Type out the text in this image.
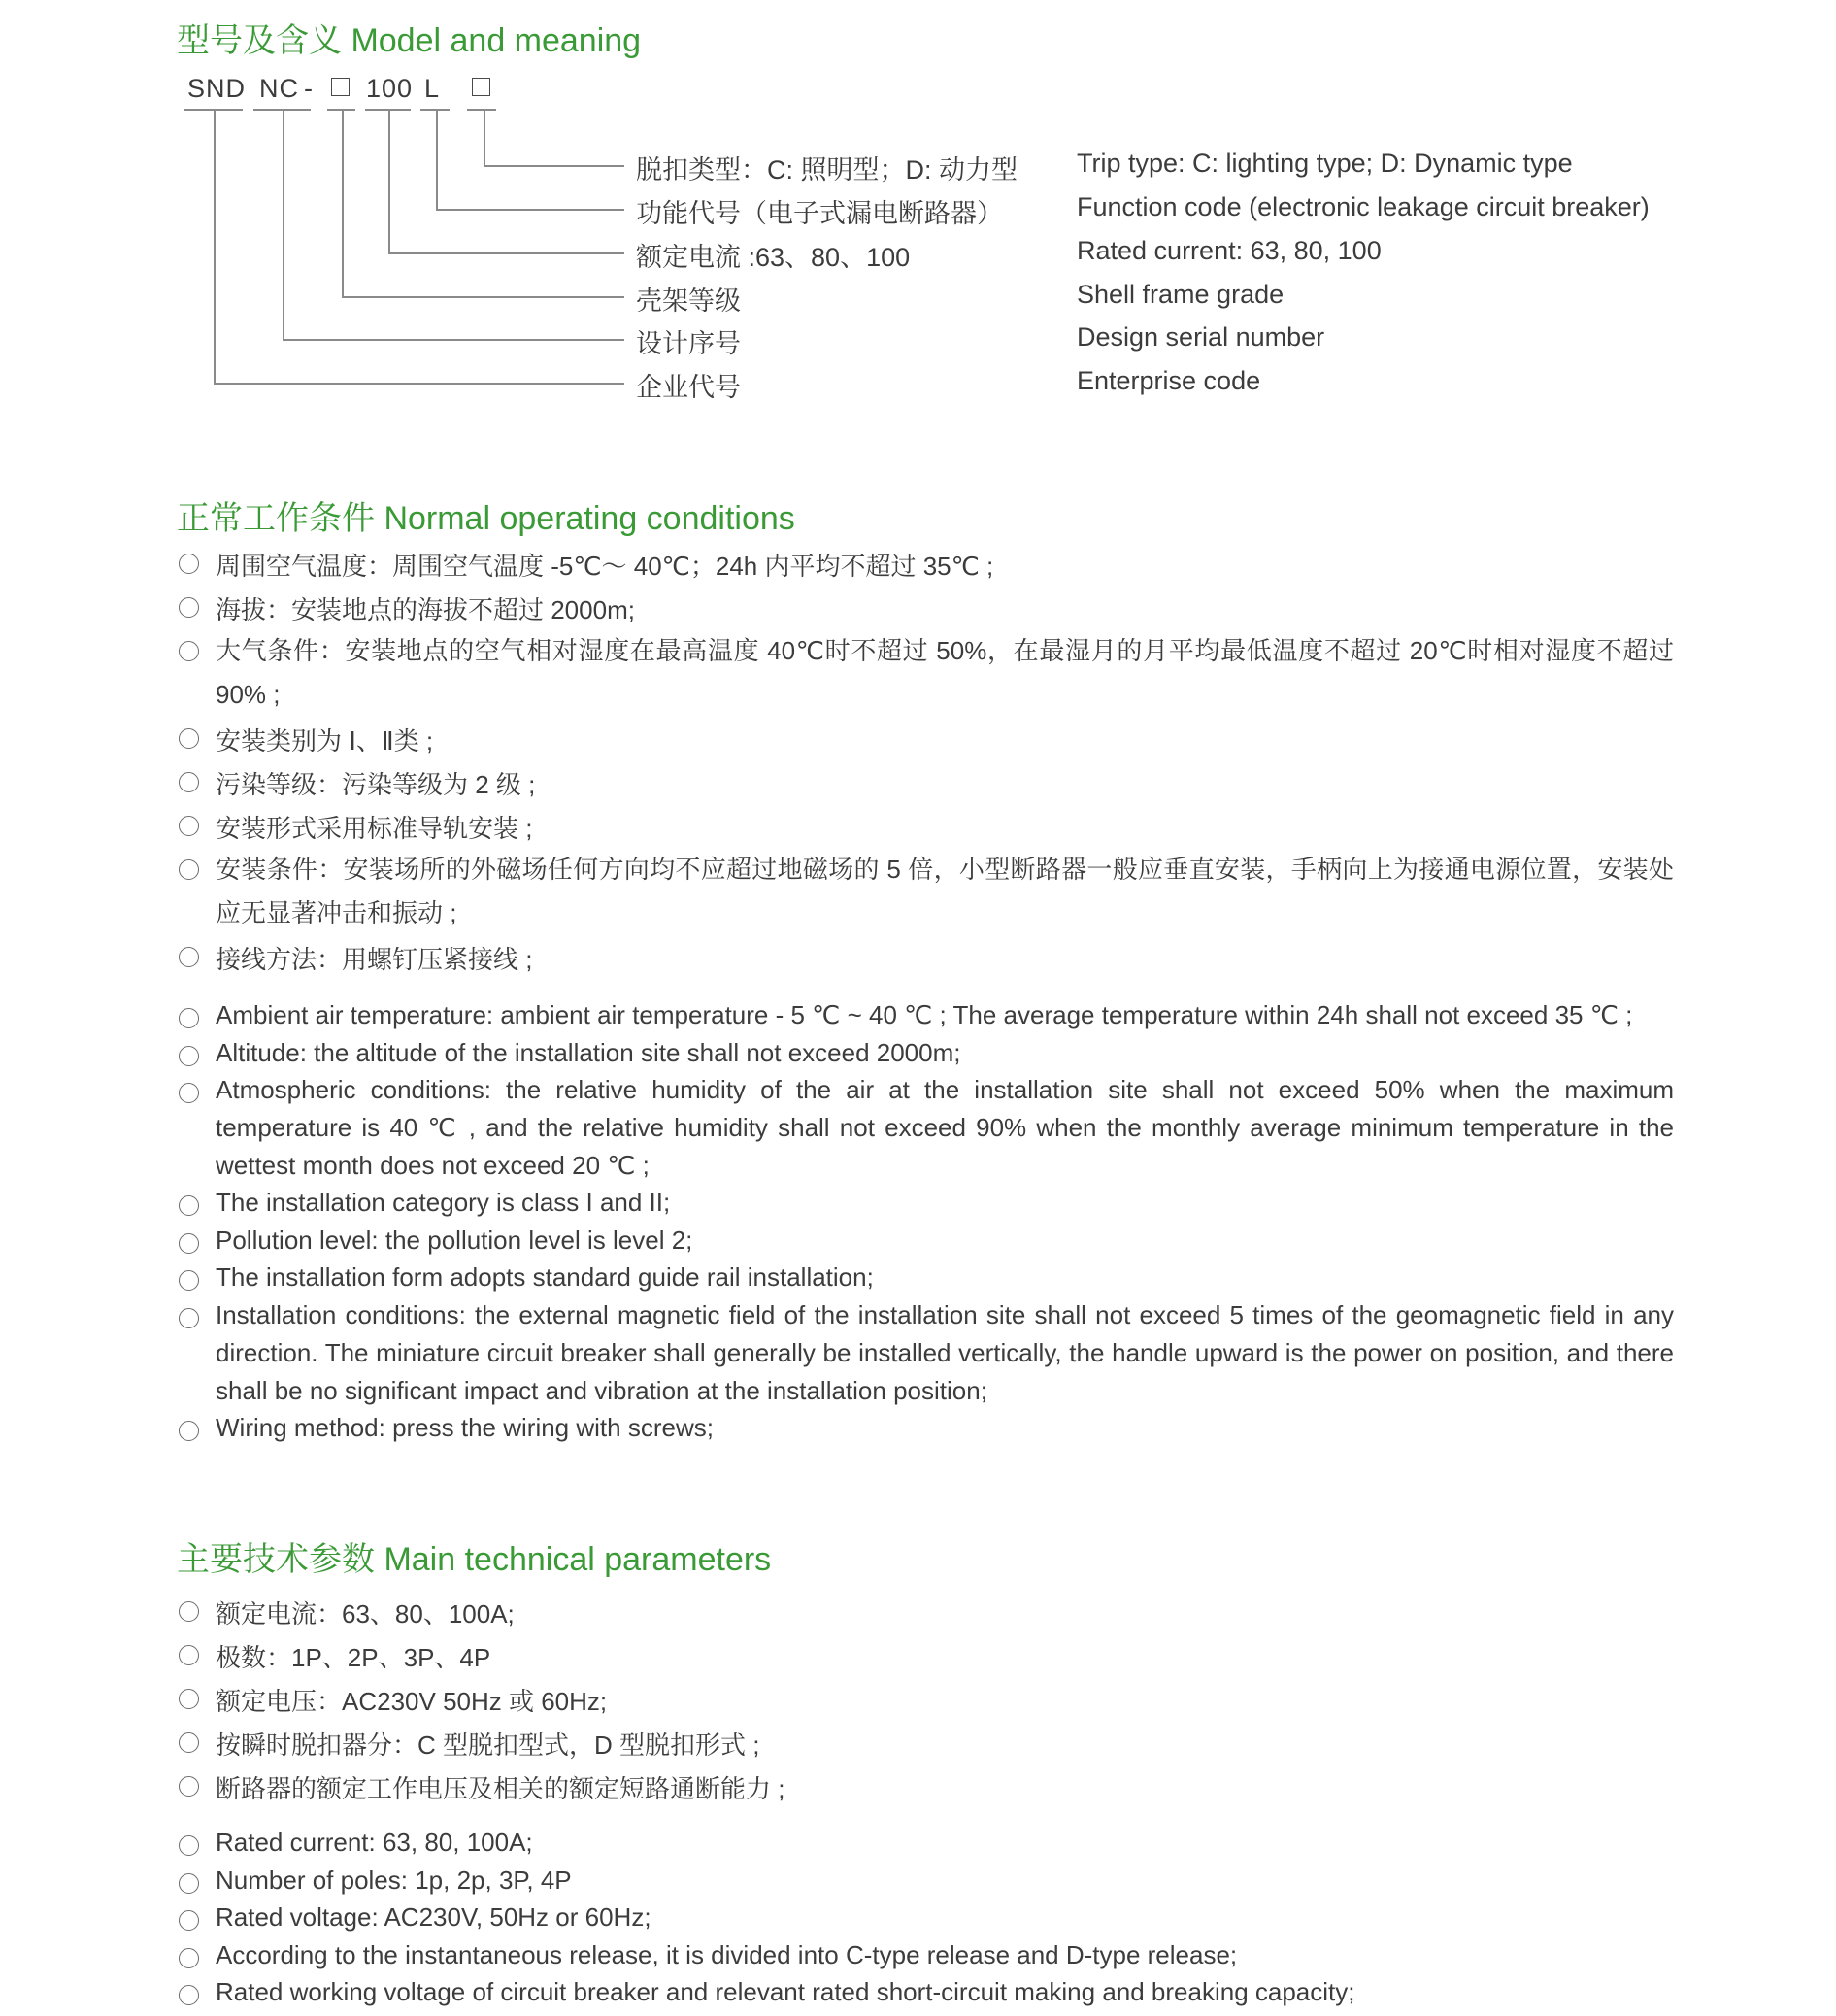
型号及含义 Model and meaning
SND NC - 100 L
脱扣类型：C: 照明型；D: 动力型 Trip type: C: lighting type; D: Dynamic type
功能代号（电子式漏电断路器）	Function code (electronic leakage circuit breaker)
额定电流 :63、80、100	Rated current: 63, 80, 100
壳架等级	Shell frame grade
设计序号	Design serial number
企业代号	Enterprise code
正常工作条件 Normal operating conditions
周围空气温度：周围空气温度 -5℃～ 40℃；24h 内平均不超过 35℃ ;
海拔：安装地点的海拔不超过 2000m;
大气条件：安装地点的空气相对湿度在最高温度 40℃时不超过 50%，在最湿月的月平均最低温度不超过 20℃时相对湿度不超过 90% ;
安装类别为 Ⅰ、Ⅱ类 ;
污染等级：污染等级为 2 级 ;
安装形式采用标准导轨安装 ;
安装条件：安装场所的外磁场任何方向均不应超过地磁场的 5 倍，小型断路器一般应垂直安装，手柄向上为接通电源位置，安装处应无显著冲击和振动 ;
接线方法：用螺钉压紧接线 ;
Ambient air temperature: ambient air temperature - 5 ℃ ~ 40 ℃ ; The average temperature within 24h shall not exceed 35 ℃ ;
Altitude: the altitude of the installation site shall not exceed 2000m;
Atmospheric conditions: the relative humidity of the air at the installation site shall not exceed 50% when the maximum temperature is 40 ℃ , and the relative humidity shall not exceed 90% when the monthly average minimum temperature in the wettest month does not exceed 20 ℃ ;
The installation category is class I and II;
Pollution level: the pollution level is level 2;
The installation form adopts standard guide rail installation;
Installation conditions: the external magnetic field of the installation site shall not exceed 5 times of the geomagnetic field in any direction. The miniature circuit breaker shall generally be installed vertically, the handle upward is the power on position, and there shall be no significant impact and vibration at the installation position;
Wiring method: press the wiring with screws;
主要技术参数 Main technical parameters
额定电流：63、80、100A;
极数：1P、2P、3P、4P
额定电压：AC230V 50Hz 或 60Hz;
按瞬时脱扣器分：C 型脱扣型式，D 型脱扣形式 ;
断路器的额定工作电压及相关的额定短路通断能力 ;
Rated current: 63, 80, 100A;
Number of poles: 1p, 2p, 3P, 4P
Rated voltage: AC230V, 50Hz or 60Hz;
According to the instantaneous release, it is divided into C-type release and D-type release;
Rated working voltage of circuit breaker and relevant rated short-circuit making and breaking capacity;
